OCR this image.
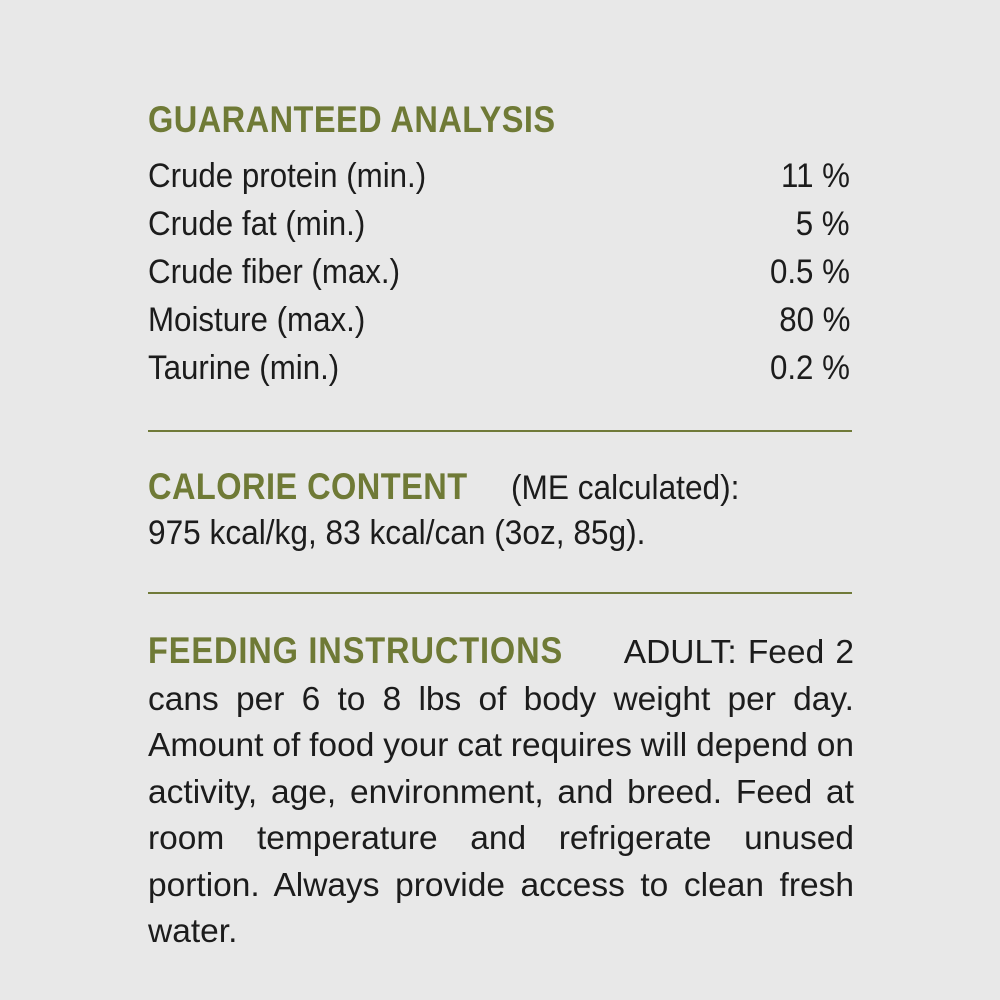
GUARANTEED ANALYSIS
Crude protein (min.)	11 %
Crude fat (min.)	5 %
Crude fiber (max.)	0.5 %
Moisture (max.)	80 %
Taurine (min.)	0.2 %
CALORIE CONTENT (ME calculated):
975 kcal/kg, 83 kcal/can (3oz, 85g).
FEEDING INSTRUCTIONS ADULT: Feed 2 cans per 6 to 8 lbs of body weight per day. Amount of food your cat requires will depend on activity, age, environment, and breed. Feed at room temperature and refrigerate unused portion. Always provide access to clean fresh water.
